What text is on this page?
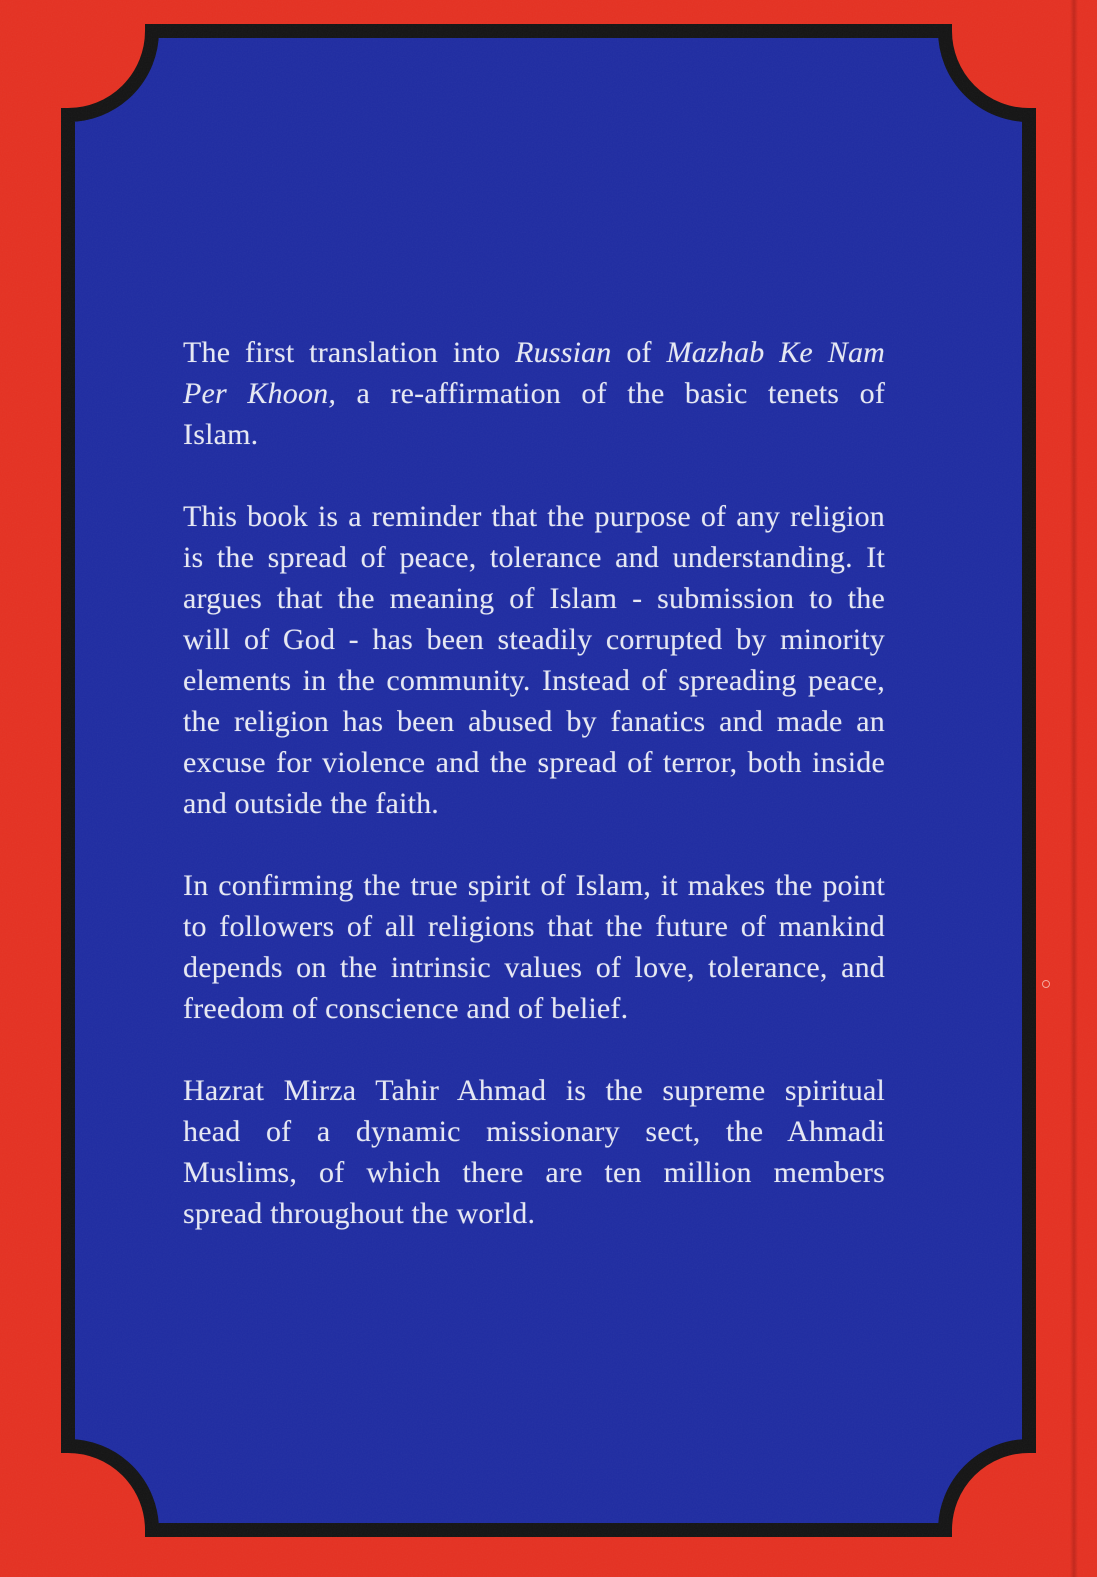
The first translation into Russian of Mazhab Ke Nam
Per Khoon, a re-affirmation of the basic tenets of
Islam.
This book is a reminder that the purpose of any religion
is the spread of peace, tolerance and understanding. It
argues that the meaning of Islam - submission to the
will of God - has been steadily corrupted by minority
elements in the community. Instead of spreading peace,
the religion has been abused by fanatics and made an
excuse for violence and the spread of terror, both inside
and outside the faith.
In confirming the true spirit of Islam, it makes the point
to followers of all religions that the future of mankind
depends on the intrinsic values of love, tolerance, and
freedom of conscience and of belief.
Hazrat Mirza Tahir Ahmad is the supreme spiritual
head of a dynamic missionary sect, the Ahmadi
Muslims, of which there are ten million members
spread throughout the world.
